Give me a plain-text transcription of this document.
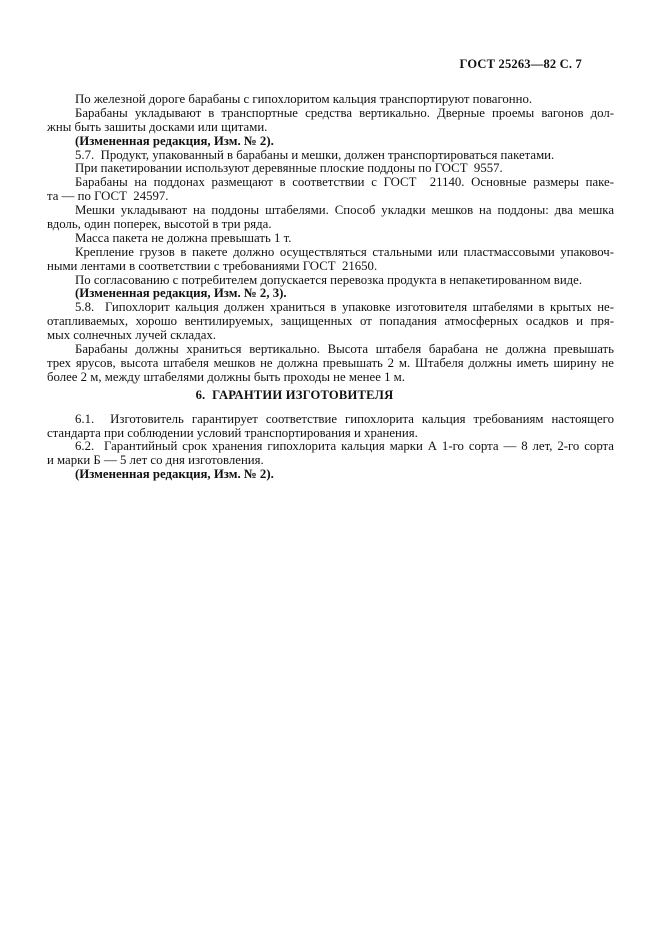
ГОСТ 25263—82 С. 7
По железной дороге барабаны с гипохлоритом кальция транспортируют повагонно.
Барабаны укладывают в транспортные средства вертикально. Дверные проемы вагонов дол-
жны быть зашиты досками или щитами.
(Измененная редакция, Изм. № 2).
5.7.  Продукт, упакованный в барабаны и мешки, должен транспортироваться пакетами.
При пакетировании используют деревянные плоские поддоны по ГОСТ  9557.
Барабаны на поддонах размещают в соответствии с ГОСТ  21140. Основные размеры паке-
та — по ГОСТ  24597.
Мешки укладывают на поддоны штабелями. Способ укладки мешков на поддоны: два мешка
вдоль, один поперек, высотой в три ряда.
Масса пакета не должна превышать 1 т.
Крепление грузов в пакете должно осуществляться стальными или пластмассовыми упаковоч-
ными лентами в соответствии с требованиями ГОСТ  21650.
По согласованию с потребителем допускается перевозка продукта в непакетированном виде.
(Измененная редакция, Изм. № 2, 3).
5.8.  Гипохлорит кальция должен храниться в упаковке изготовителя штабелями в крытых не-
отапливаемых, хорошо вентилируемых, защищенных от попадания атмосферных осадков и пря-
мых солнечных лучей складах.
Барабаны должны храниться вертикально. Высота штабеля барабана не должна превышать
трех ярусов, высота штабеля мешков не должна превышать 2 м. Штабеля должны иметь ширину не
более 2 м, между штабелями должны быть проходы не менее 1 м.
6.  ГАРАНТИИ ИЗГОТОВИТЕЛЯ
6.1.  Изготовитель гарантирует соответствие гипохлорита кальция требованиям настоящего
стандарта при соблюдении условий транспортирования и хранения.
6.2.  Гарантийный срок хранения гипохлорита кальция марки А 1-го сорта — 8 лет, 2-го сорта
и марки Б — 5 лет со дня изготовления.
(Измененная редакция, Изм. № 2).
